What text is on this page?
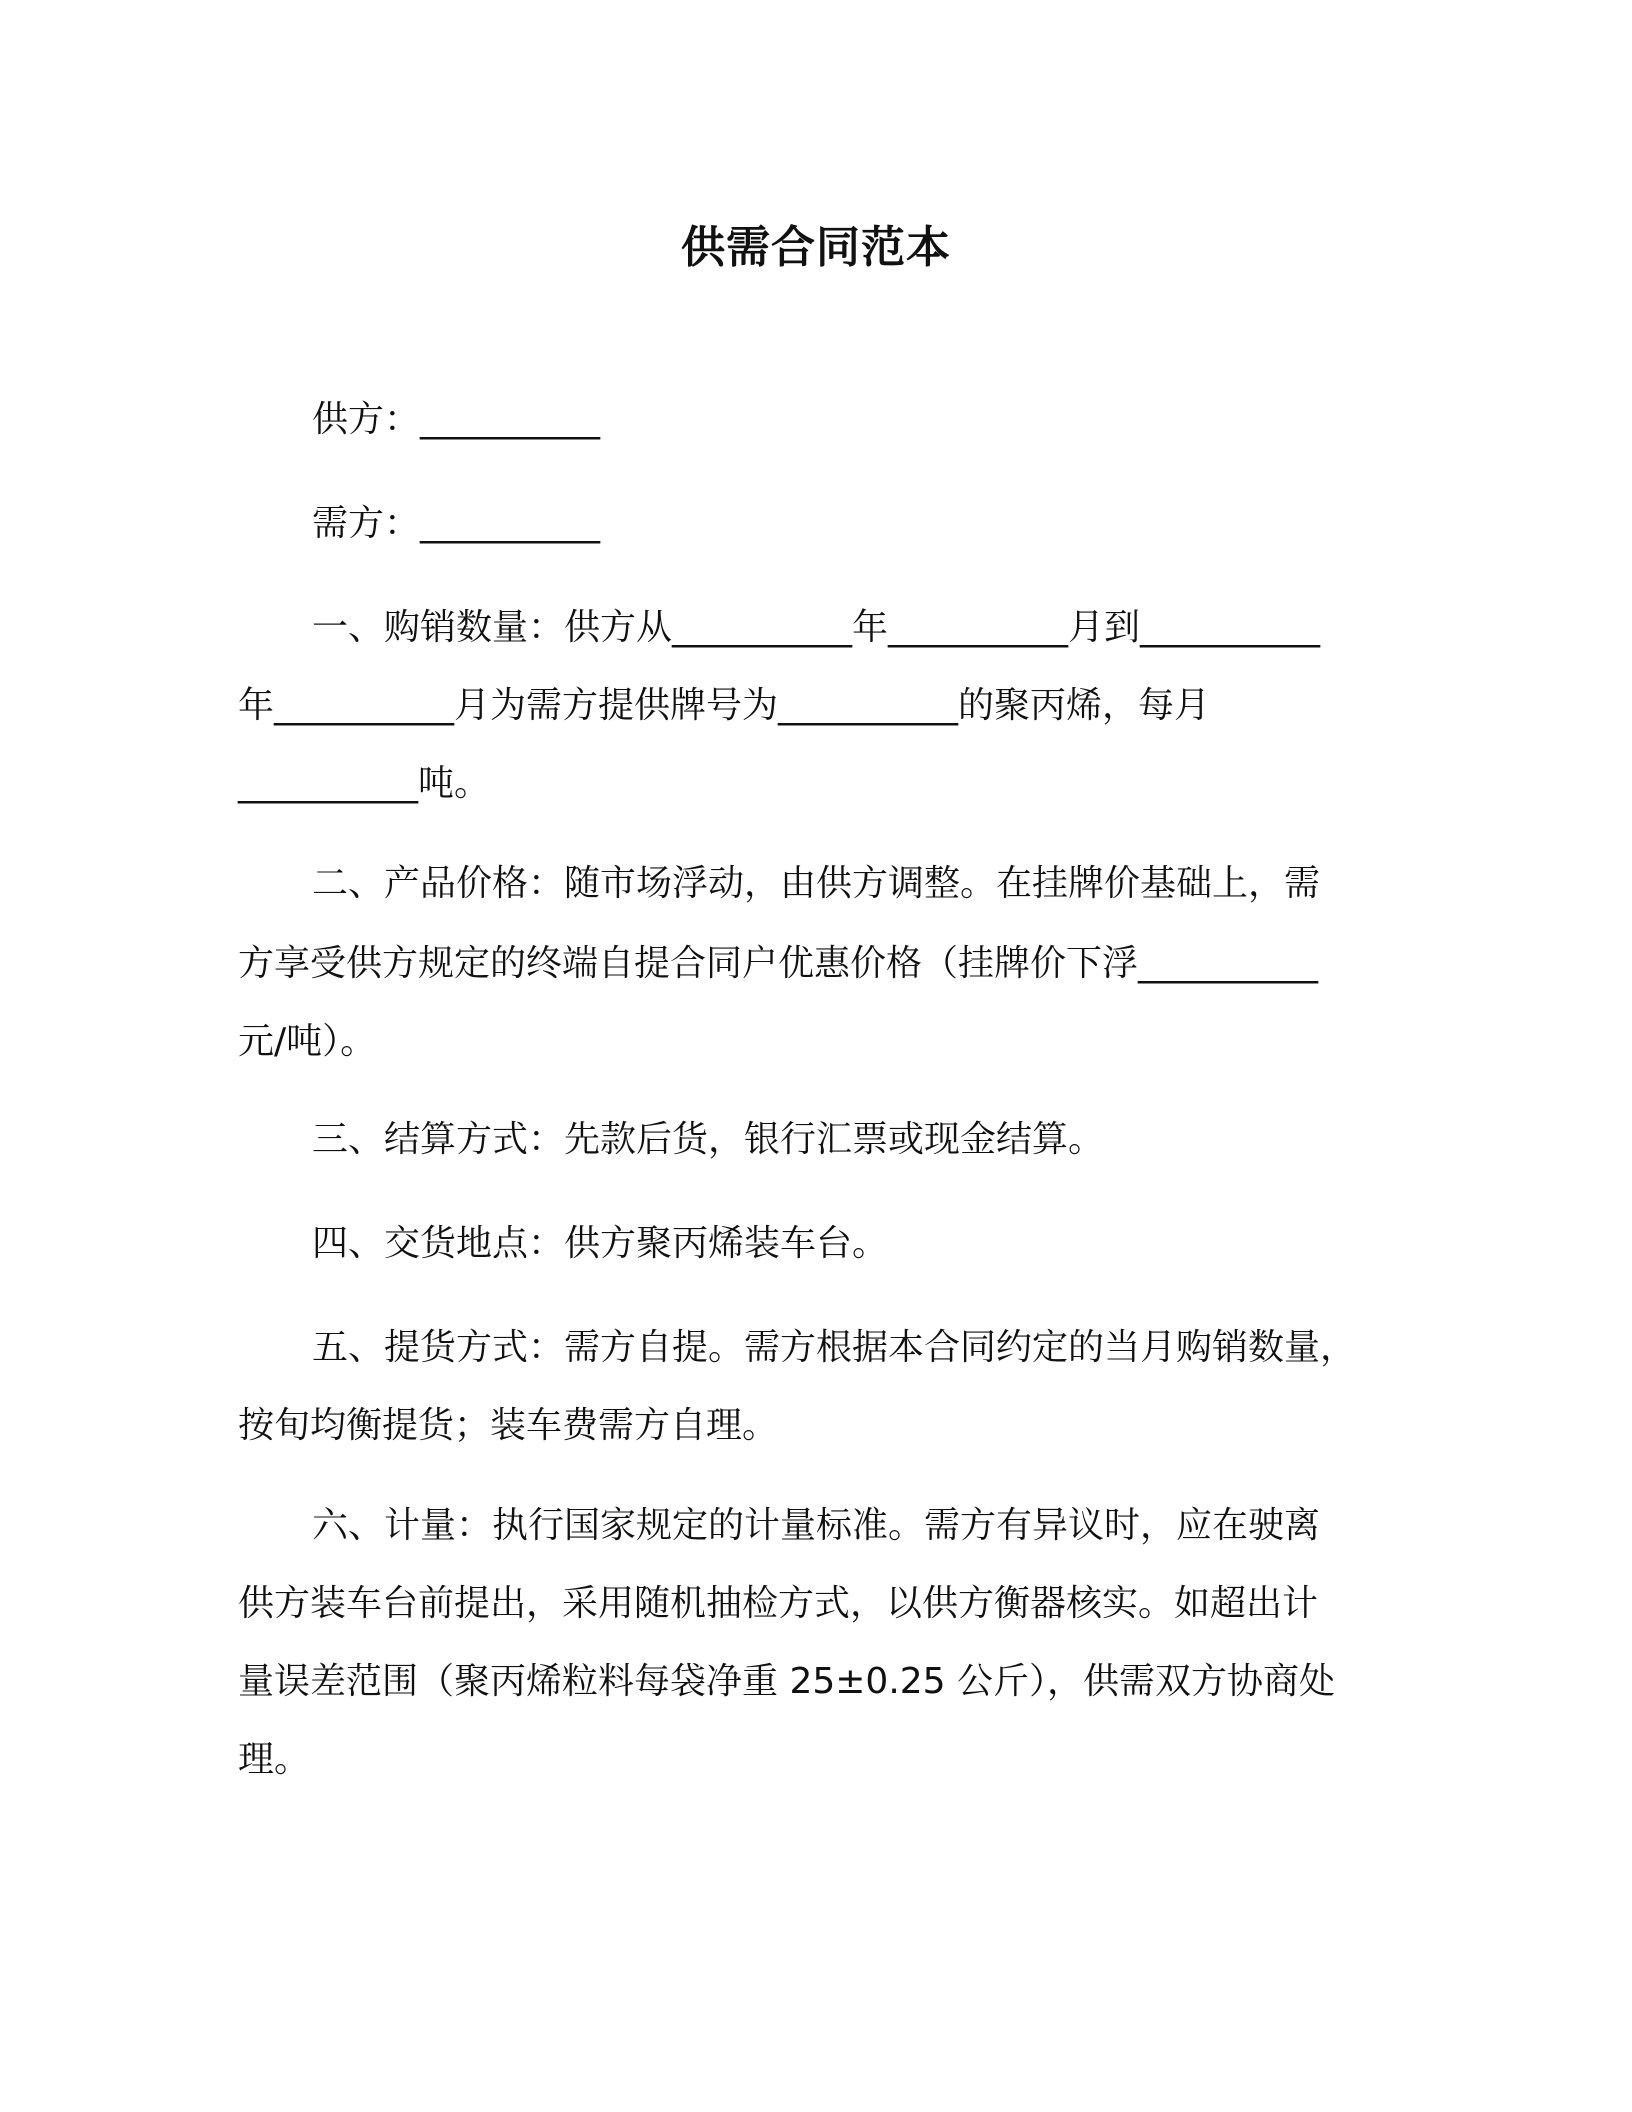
供需合同范本
供方：__________
需方：__________
一、购销数量：供方从__________年__________月到__________
年__________月为需方提供牌号为__________的聚丙烯，每月
__________吨。
二、产品价格：随市场浮动，由供方调整。在挂牌价基础上，需
方享受供方规定的终端自提合同户优惠价格（挂牌价下浮__________
元/吨）。
三、结算方式：先款后货，银行汇票或现金结算。
四、交货地点：供方聚丙烯装车台。
五、提货方式：需方自提。需方根据本合同约定的当月购销数量，
按旬均衡提货；装车费需方自理。
六、计量：执行国家规定的计量标准。需方有异议时，应在驶离
供方装车台前提出，采用随机抽检方式，以供方衡器核实。如超出计
量误差范围（聚丙烯粒料每袋净重 25±0.25 公斤），供需双方协商处
理。
